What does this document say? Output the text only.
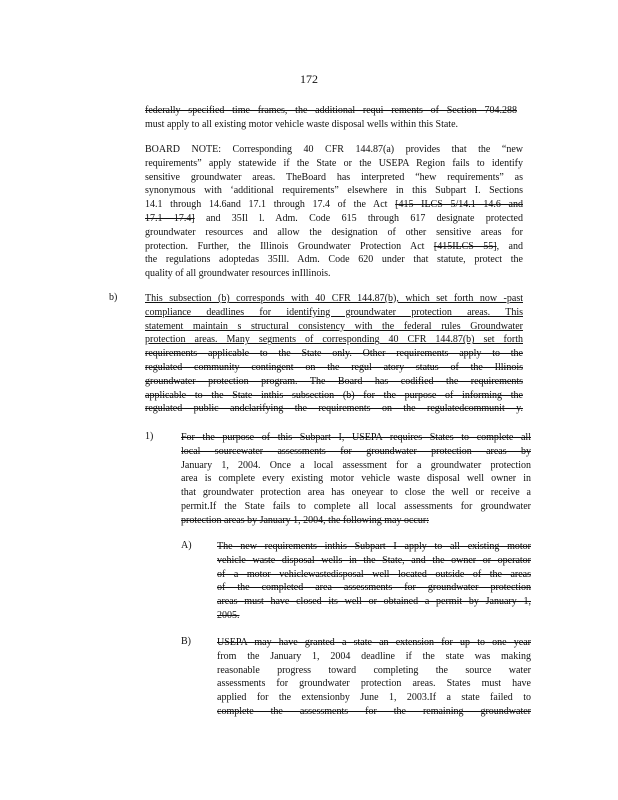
172
federally specified time frames, the additional requi rements of Section 704.288
must apply to all existing motor vehicle waste disposal wells within this State.
BOARD NOTE: Corresponding 40 CFR 144.87(a) provides that the “new
requirements” apply statewide if the State or the USEPA Region fails to identify
sensitive groundwater areas. TheBoard has interpreted “hew requirements” as
synonymous with ‘additional requirements” elsewhere in this Subpart I. Sections
14.1 through 14.6and 17.1 through 17.4 of the Act [415 ILCS 5/14.1 14.6 and
17.1 17.4] and 35Il l. Adm. Code 615 through 617 designate protected
groundwater resources and allow the designation of other sensitive areas for
protection. Further, the Illinois Groundwater Protection Act [415ILCS 55], and
the regulations adoptedas 35Ill. Adm. Code 620 under that statute, protect the
quality of all groundwater resources inIllinois.
b)	This subsection (b) corresponds with 40 CFR 144.87(b), which set forth now -past
compliance deadlines for identifying groundwater protection areas. This
statement maintain s structural consistency with the federal rules Groundwater
protection areas. Many segments of corresponding 40 CFR 144.87(b) set forth
requirements applicable to the State only. Other requirements apply to the
regulated community contingent on the regul atory status of the Illinois
groundwater protection program. The Board has codified the requirements
applicable to the State inthis subsection (b) for the purpose of informing the
regulated public andclarifying the requirements on the regulatedcommunit y.
1)	For the purpose of this Subpart I, USEPA requires States to complete all
local sourcewater assessments for groundwater protection areas by
January 1, 2004. Once a local assessment for a groundwater protection
area is complete every existing motor vehicle waste disposal well owner in
that groundwater protection area has oneyear to close the well or receive a
permit.If the State fails to complete all local assessments for groundwater
protection areas by January 1, 2004, the following may occur:
A)	The new requirements inthis Subpart I apply to all existing motor
vehicle waste disposal wells in the State, and the owner or operator
of a motor vehiclewastedisposal well located outside of the areas
of the completed area assessments for groundwater protection
areas must have closed its well or obtained a permit by January 1,
2005.
B)	USEPA may have granted a state an extension for up to one year
from the January 1, 2004 deadline if the state was making
reasonable progress toward completing the source water
assessments for groundwater protection areas. States must have
applied for the extensionby June 1, 2003.If a state failed to
complete the assessments for the remaining groundwater
